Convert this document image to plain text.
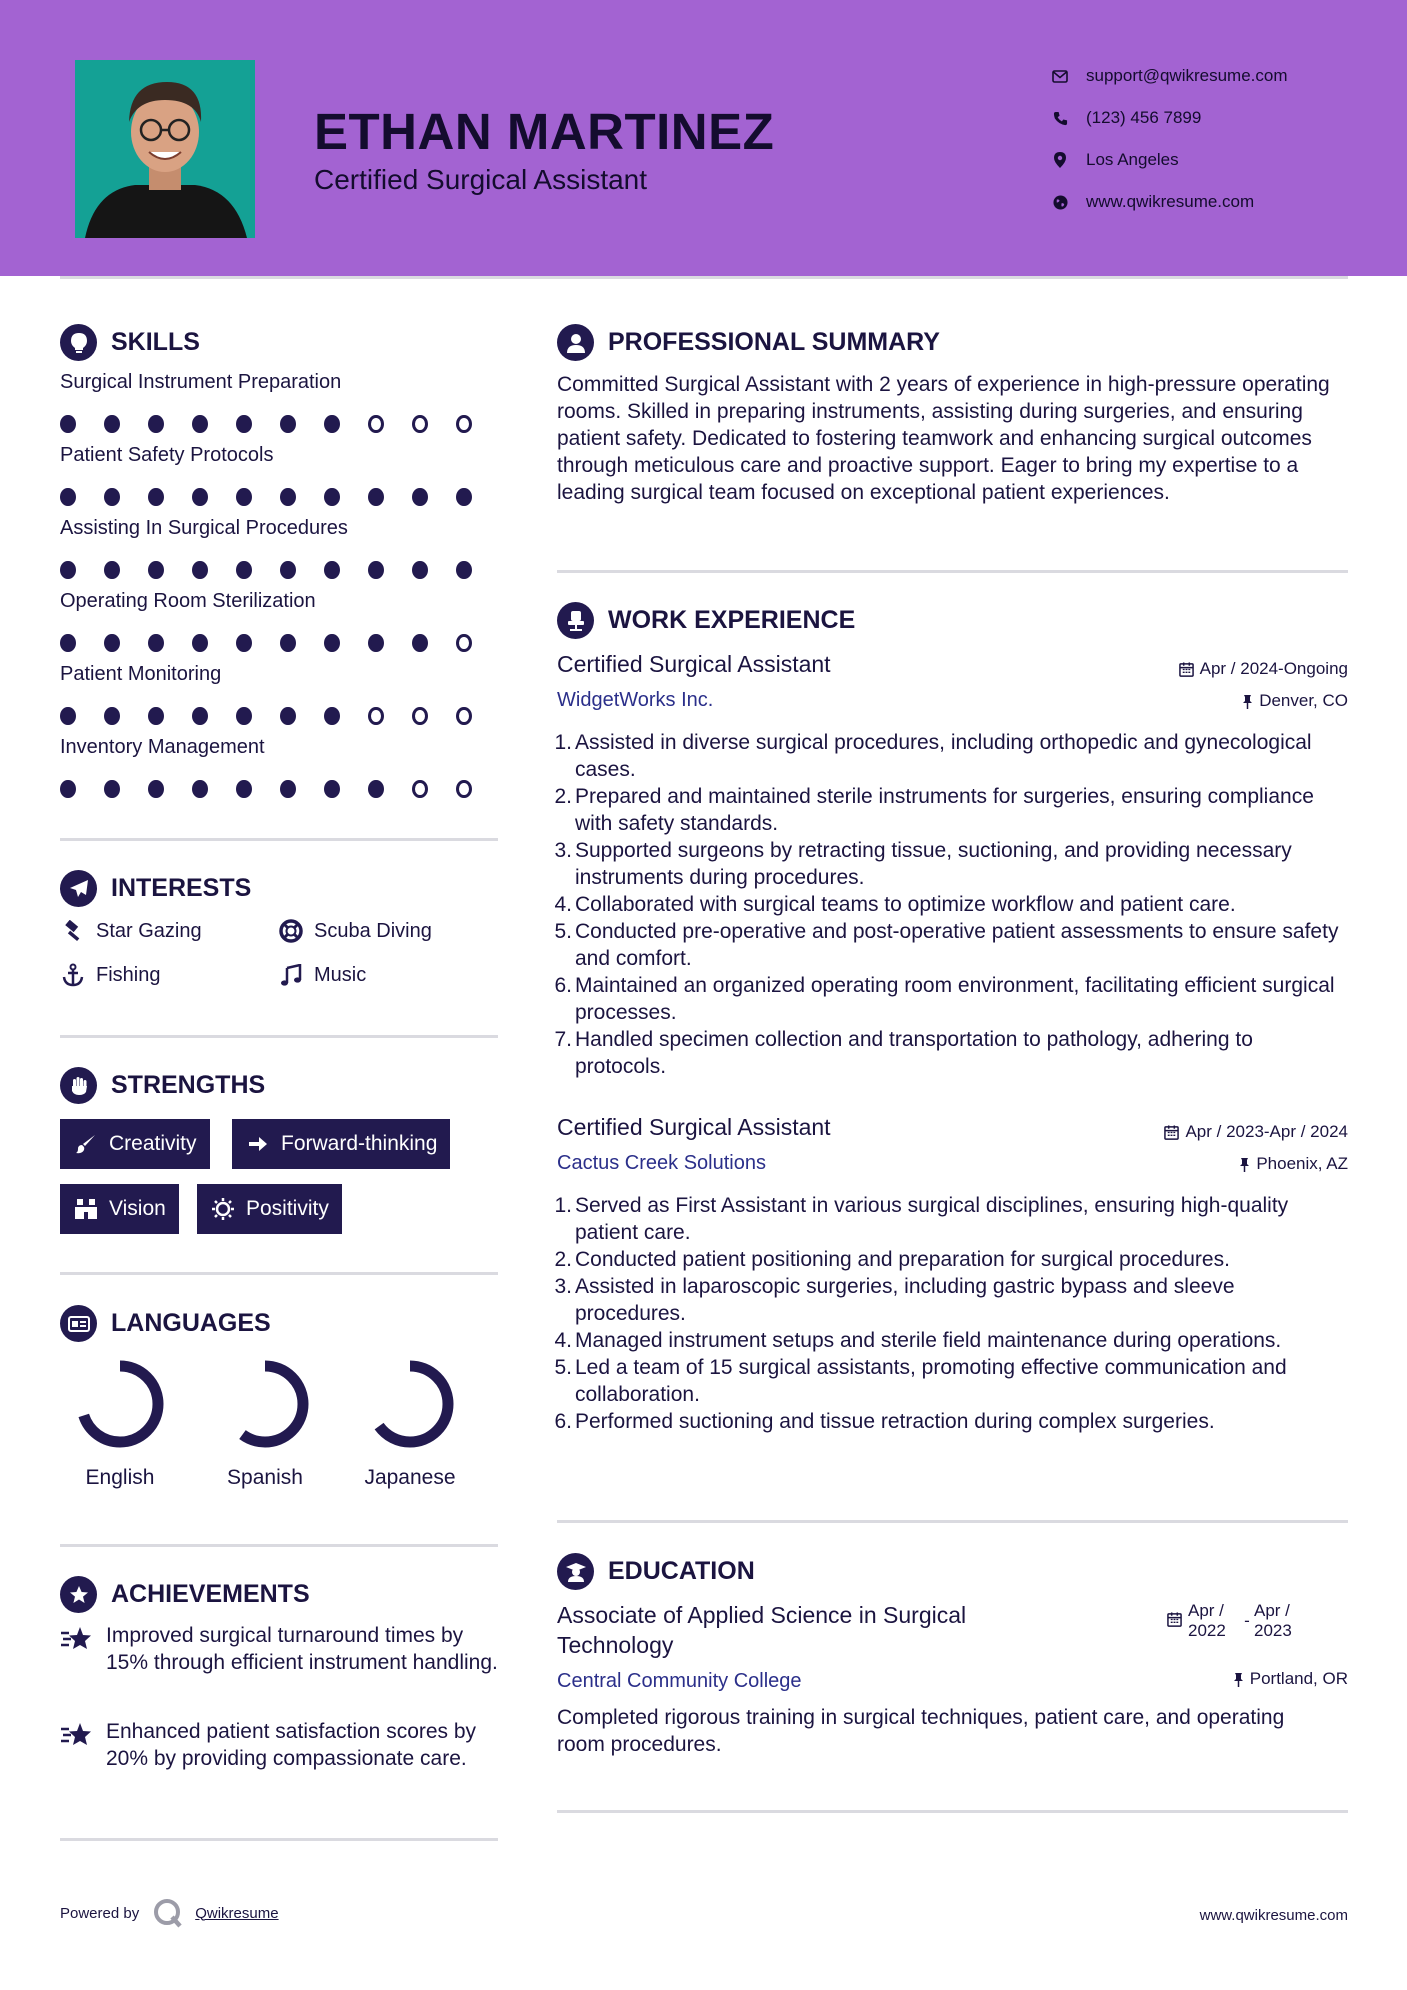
ETHAN MARTINEZ
Certified Surgical Assistant
support@qwikresume.com
(123) 456 7899
Los Angeles
www.qwikresume.com
SKILLS
Surgical Instrument Preparation
Patient Safety Protocols
Assisting In Surgical Procedures
Operating Room Sterilization
Patient Monitoring
Inventory Management
INTERESTS
Star Gazing	Scuba Diving
Fishing	Music
STRENGTHS
Creativity	Forward-thinking
Vision	Positivity
LANGUAGES
English	Spanish	Japanese
ACHIEVEMENTS
Improved surgical turnaround times by 15% through efficient instrument handling.
Enhanced patient satisfaction scores by 20% by providing compassionate care.
PROFESSIONAL SUMMARY
Committed Surgical Assistant with 2 years of experience in high-pressure operating rooms. Skilled in preparing instruments, assisting during surgeries, and ensuring patient safety. Dedicated to fostering teamwork and enhancing surgical outcomes through meticulous care and proactive support. Eager to bring my expertise to a leading surgical team focused on exceptional patient experiences.
WORK EXPERIENCE
Certified Surgical Assistant	Apr / 2024-Ongoing
WidgetWorks Inc.	Denver, CO
1. Assisted in diverse surgical procedures, including orthopedic and gynecological cases.
2. Prepared and maintained sterile instruments for surgeries, ensuring compliance with safety standards.
3. Supported surgeons by retracting tissue, suctioning, and providing necessary instruments during procedures.
4. Collaborated with surgical teams to optimize workflow and patient care.
5. Conducted pre-operative and post-operative patient assessments to ensure safety and comfort.
6. Maintained an organized operating room environment, facilitating efficient surgical processes.
7. Handled specimen collection and transportation to pathology, adhering to protocols.
Certified Surgical Assistant	Apr / 2023-Apr / 2024
Cactus Creek Solutions	Phoenix, AZ
1. Served as First Assistant in various surgical disciplines, ensuring high-quality patient care.
2. Conducted patient positioning and preparation for surgical procedures.
3. Assisted in laparoscopic surgeries, including gastric bypass and sleeve procedures.
4. Managed instrument setups and sterile field maintenance during operations.
5. Led a team of 15 surgical assistants, promoting effective communication and collaboration.
6. Performed suctioning and tissue retraction during complex surgeries.
EDUCATION
Associate of Applied Science in Surgical Technology
Apr / 2022
-
Apr / 2023
Central Community College	Portland, OR
Completed rigorous training in surgical techniques, patient care, and operating room procedures.
Powered by	Qwikresume	www.qwikresume.com
